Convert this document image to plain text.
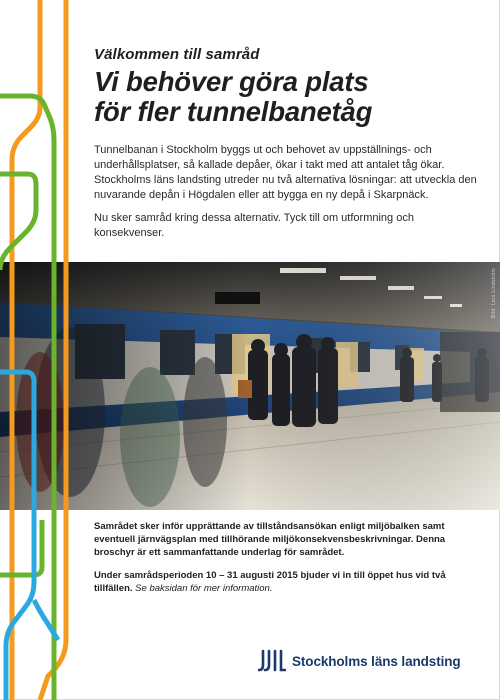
Välkommen till samråd

Vi behöver göra plats
för fler tunnelbanetåg

Tunnelbanan i Stockholm byggs ut och behovet av uppställnings- och underhållsplatser, så kallade depåer, ökar i takt med att antalet tåg ökar. Stockholms läns landsting utreder nu två alternativa lösningar: att utveckla den nuvarande depån i Högdalen eller att bygga en ny depå i Skarpnäck.

Nu sker samråd kring dessa alternativ. Tyck till om utformning och konsekvenser.

Bild: Lars Lindström

Samrådet sker inför upprättande av tillståndsansökan enligt miljöbalken samt eventuell järnvägsplan med tillhörande miljökonsekvensbeskrivningar. Denna broschyr är ett sammanfattande underlag för samrådet.

Under samrådsperioden 10 – 31 augusti 2015 bjuder vi in till öppet hus vid två tillfällen. Se baksidan för mer information.

Stockholms läns landsting
